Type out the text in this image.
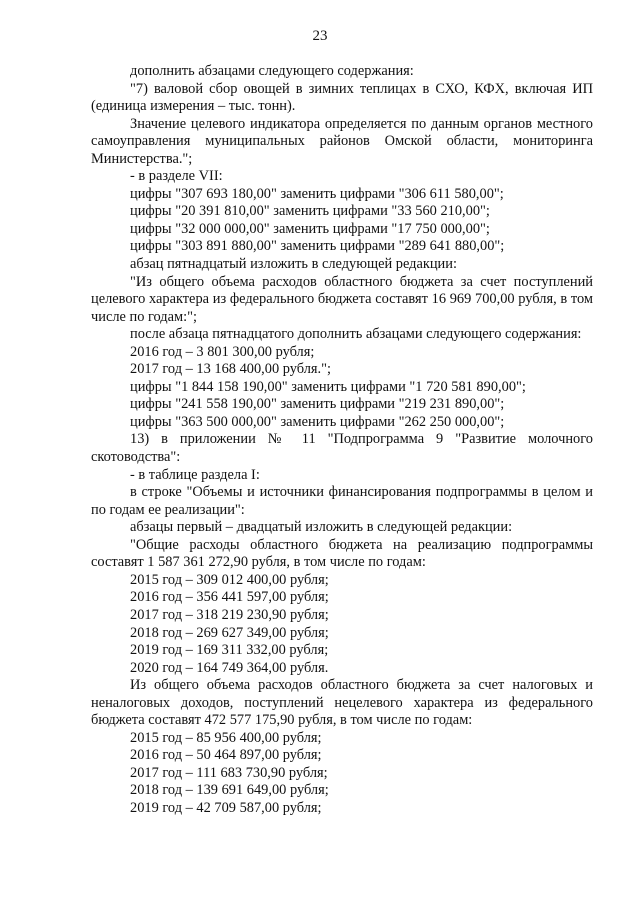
23

дополнить абзацами следующего содержания:

"7) валовой сбор овощей в зимних теплицах в СХО, КФХ, включая ИП (единица измерения – тыс. тонн).

Значение целевого индикатора определяется по данным органов местного самоуправления муниципальных районов Омской области, мониторинга Министерства.";

- в разделе VII:

цифры "307 693 180,00" заменить цифрами "306 611 580,00";

цифры "20 391 810,00" заменить цифрами "33 560 210,00";

цифры "32 000 000,00" заменить цифрами "17 750 000,00";

цифры "303 891 880,00" заменить цифрами "289 641 880,00";

абзац пятнадцатый изложить в следующей редакции:

"Из общего объема расходов областного бюджета за счет поступлений целевого характера из федерального бюджета составят 16 969 700,00 рубля, в том числе по годам:";

после абзаца пятнадцатого дополнить абзацами следующего содержания:

2016 год – 3 801 300,00 рубля;

2017 год – 13 168 400,00 рубля.";

цифры "1 844 158 190,00" заменить цифрами "1 720 581 890,00";

цифры "241 558 190,00" заменить цифрами "219 231 890,00";

цифры "363 500 000,00" заменить цифрами "262 250 000,00";

13) в приложении № 11 "Подпрограмма 9 "Развитие молочного скотоводства":

- в таблице раздела I:

в строке "Объемы и источники финансирования подпрограммы в целом и по годам ее реализации":

абзацы первый – двадцатый изложить в следующей редакции:

"Общие расходы областного бюджета на реализацию подпрограммы составят 1 587 361 272,90 рубля, в том числе по годам:

2015 год – 309 012 400,00 рубля;

2016 год – 356 441 597,00 рубля;

2017 год – 318 219 230,90 рубля;

2018 год – 269 627 349,00 рубля;

2019 год – 169 311 332,00 рубля;

2020 год – 164 749 364,00 рубля.

Из общего объема расходов областного бюджета за счет налоговых и неналоговых доходов, поступлений нецелевого характера из федерального бюджета составят 472 577 175,90 рубля, в том числе по годам:

2015 год – 85 956 400,00 рубля;

2016 год – 50 464 897,00 рубля;

2017 год – 111 683 730,90 рубля;

2018 год – 139 691 649,00 рубля;

2019 год – 42 709 587,00 рубля;
